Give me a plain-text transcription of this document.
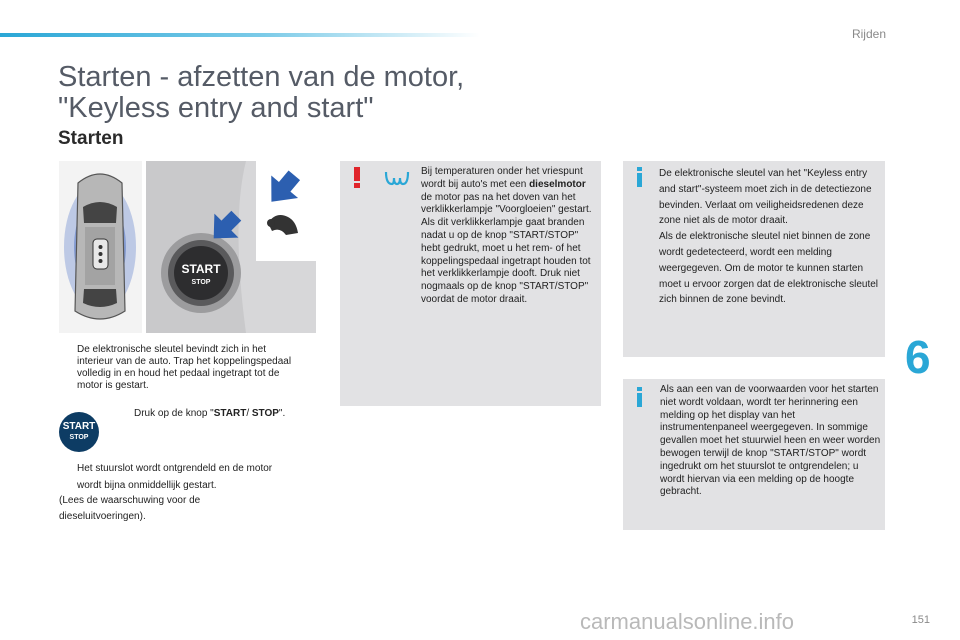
Rijden
Starten - afzetten van de motor,
"Keyless entry and start"
Starten
START
STOP
De elektronische sleutel bevindt zich in het interieur van de auto. Trap het koppelingspedaal volledig in en houd het pedaal ingetrapt tot de motor is gestart.
START
STOP
Druk op de knop "START/ STOP".
Het stuurslot wordt ontgrendeld en de motor wordt bijna onmiddellijk gestart.
(Lees de waarschuwing voor de dieseluitvoeringen).
Bij temperaturen onder het vriespunt wordt bij auto's met een dieselmotor de motor pas na het doven van het verklikkerlampje "Voorgloeien" gestart.
Als dit verklikkerlampje gaat branden nadat u op de knop "START/STOP" hebt gedrukt, moet u het rem- of het koppelingspedaal ingetrapt houden tot het verklikkerlampje dooft. Druk niet nogmaals op de knop "START/STOP" voordat de motor draait.
De elektronische sleutel van het "Keyless entry and start"-systeem moet zich in de detectiezone bevinden. Verlaat om veiligheidsredenen deze zone niet als de motor draait.
Als de elektronische sleutel niet binnen de zone wordt gedetecteerd, wordt een melding weergegeven. Om de motor te kunnen starten moet u ervoor zorgen dat de elektronische sleutel zich binnen de zone bevindt.
Als aan een van de voorwaarden voor het starten niet wordt voldaan, wordt ter herinnering een melding op het display van het instrumentenpaneel weergegeven. In sommige gevallen moet het stuurwiel heen en weer worden bewogen terwijl de knop "START/STOP" wordt ingedrukt om het stuurslot te ontgrendelen; u wordt hiervan via een melding op de hoogte gebracht.
6
carmanualsonline.info	151
